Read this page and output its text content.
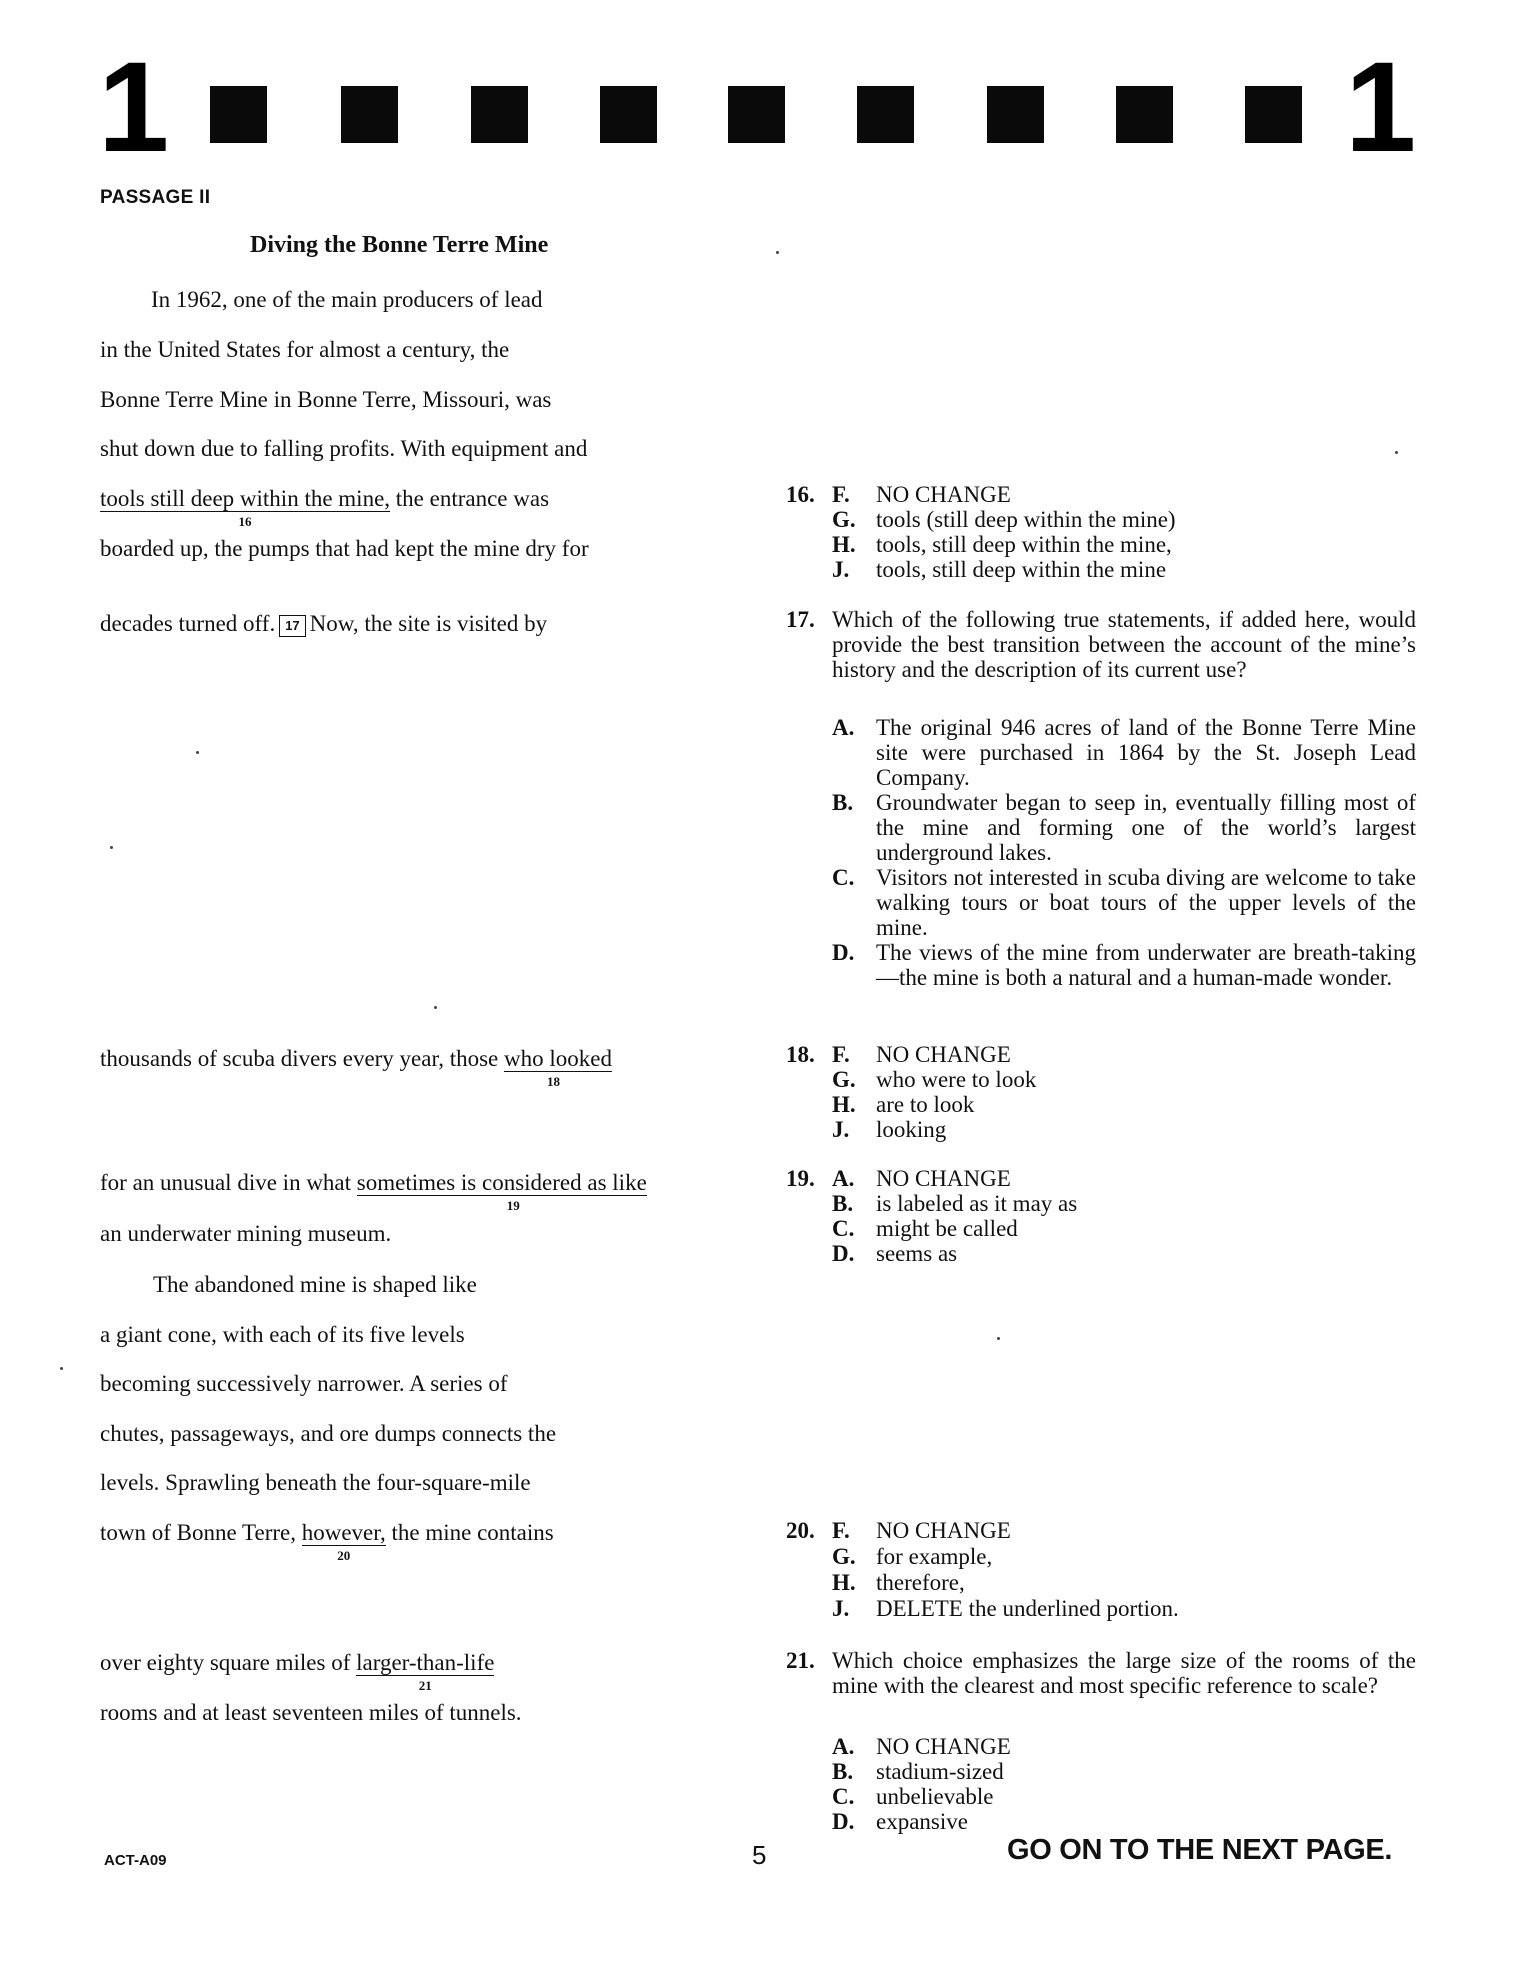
1	1
PASSAGE II
Diving the Bonne Terre Mine
In 1962, one of the main producers of lead
in the United States for almost a century, the
Bonne Terre Mine in Bonne Terre, Missouri, was
shut down due to falling profits. With equipment and
tools still deep within the mine,
16
the entrance was
boarded up, the pumps that had kept the mine dry for
decades turned off. 17 Now, the site is visited by
thousands of scuba divers every year, those who looked
18
for an unusual dive in what sometimes is considered as like
19
an underwater mining museum.
The abandoned mine is shaped like
a giant cone, with each of its five levels
becoming successively narrower. A series of
chutes, passageways, and ore dumps connects the
levels. Sprawling beneath the four-square-mile
town of Bonne Terre, however,
20
the mine contains
over eighty square miles of larger-than-life
21
rooms and at least seventeen miles of tunnels.
16. F. NO CHANGE
G. tools (still deep within the mine)
H. tools, still deep within the mine,
J. tools, still deep within the mine
17. Which of the following true statements, if added here, would provide the best transition between the account of the mine’s history and the description of its current use?
A. The original 946 acres of land of the Bonne Terre Mine site were purchased in 1864 by the St. Joseph Lead Company.
B. Groundwater began to seep in, eventually filling most of the mine and forming one of the world’s largest underground lakes.
C. Visitors not interested in scuba diving are welcome to take walking tours or boat tours of the upper levels of the mine.
D. The views of the mine from underwater are breath-taking—the mine is both a natural and a human-made wonder.
18. F. NO CHANGE
G. who were to look
H. are to look
J. looking
19. A. NO CHANGE
B. is labeled as it may as
C. might be called
D. seems as
20. F. NO CHANGE
G. for example,
H. therefore,
J. DELETE the underlined portion.
21. Which choice emphasizes the large size of the rooms of the mine with the clearest and most specific reference to scale?
A. NO CHANGE
B. stadium-sized
C. unbelievable
D. expansive
ACT-A09	5	GO ON TO THE NEXT PAGE.
